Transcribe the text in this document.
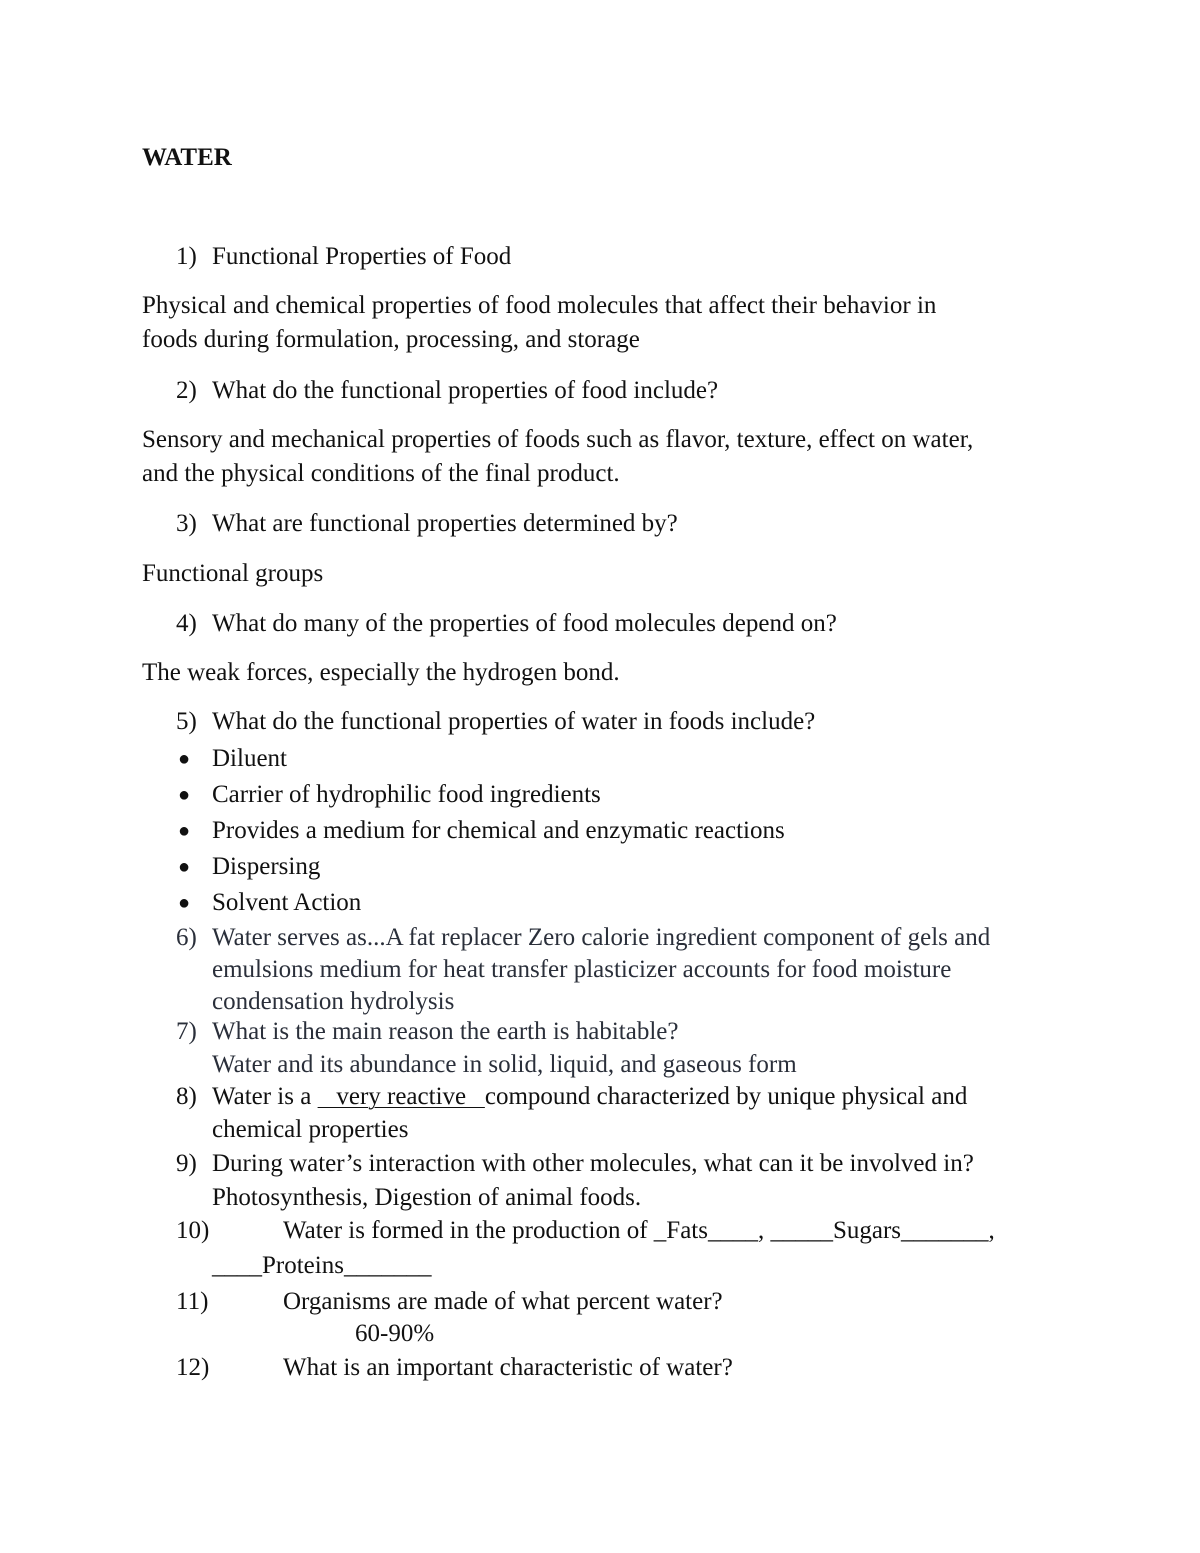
WATER
1) Functional Properties of Food
Physical and chemical properties of food molecules that affect their behavior in
foods during formulation, processing, and storage
2) What do the functional properties of food include?
Sensory and mechanical properties of foods such as flavor, texture, effect on water,
and the physical conditions of the final product.
3) What are functional properties determined by?
Functional groups
4) What do many of the properties of food molecules depend on?
The weak forces, especially the hydrogen bond.
5) What do the functional properties of water in foods include?
● Diluent
● Carrier of hydrophilic food ingredients
● Provides a medium for chemical and enzymatic reactions
● Dispersing
● Solvent Action
6) Water serves as...A fat replacer Zero calorie ingredient component of gels and
emulsions medium for heat transfer plasticizer accounts for food moisture
condensation hydrolysis
7) What is the main reason the earth is habitable?
Water and its abundance in solid, liquid, and gaseous form
8) Water is a    very reactive   compound characterized by unique physical and
chemical properties
9) During water’s interaction with other molecules, what can it be involved in?
Photosynthesis, Digestion of animal foods.
10)	Water is formed in the production of _Fats____, _____Sugars_______,
____Proteins_______
11)	Organisms are made of what percent water?
60-90%
12)	What is an important characteristic of water?
